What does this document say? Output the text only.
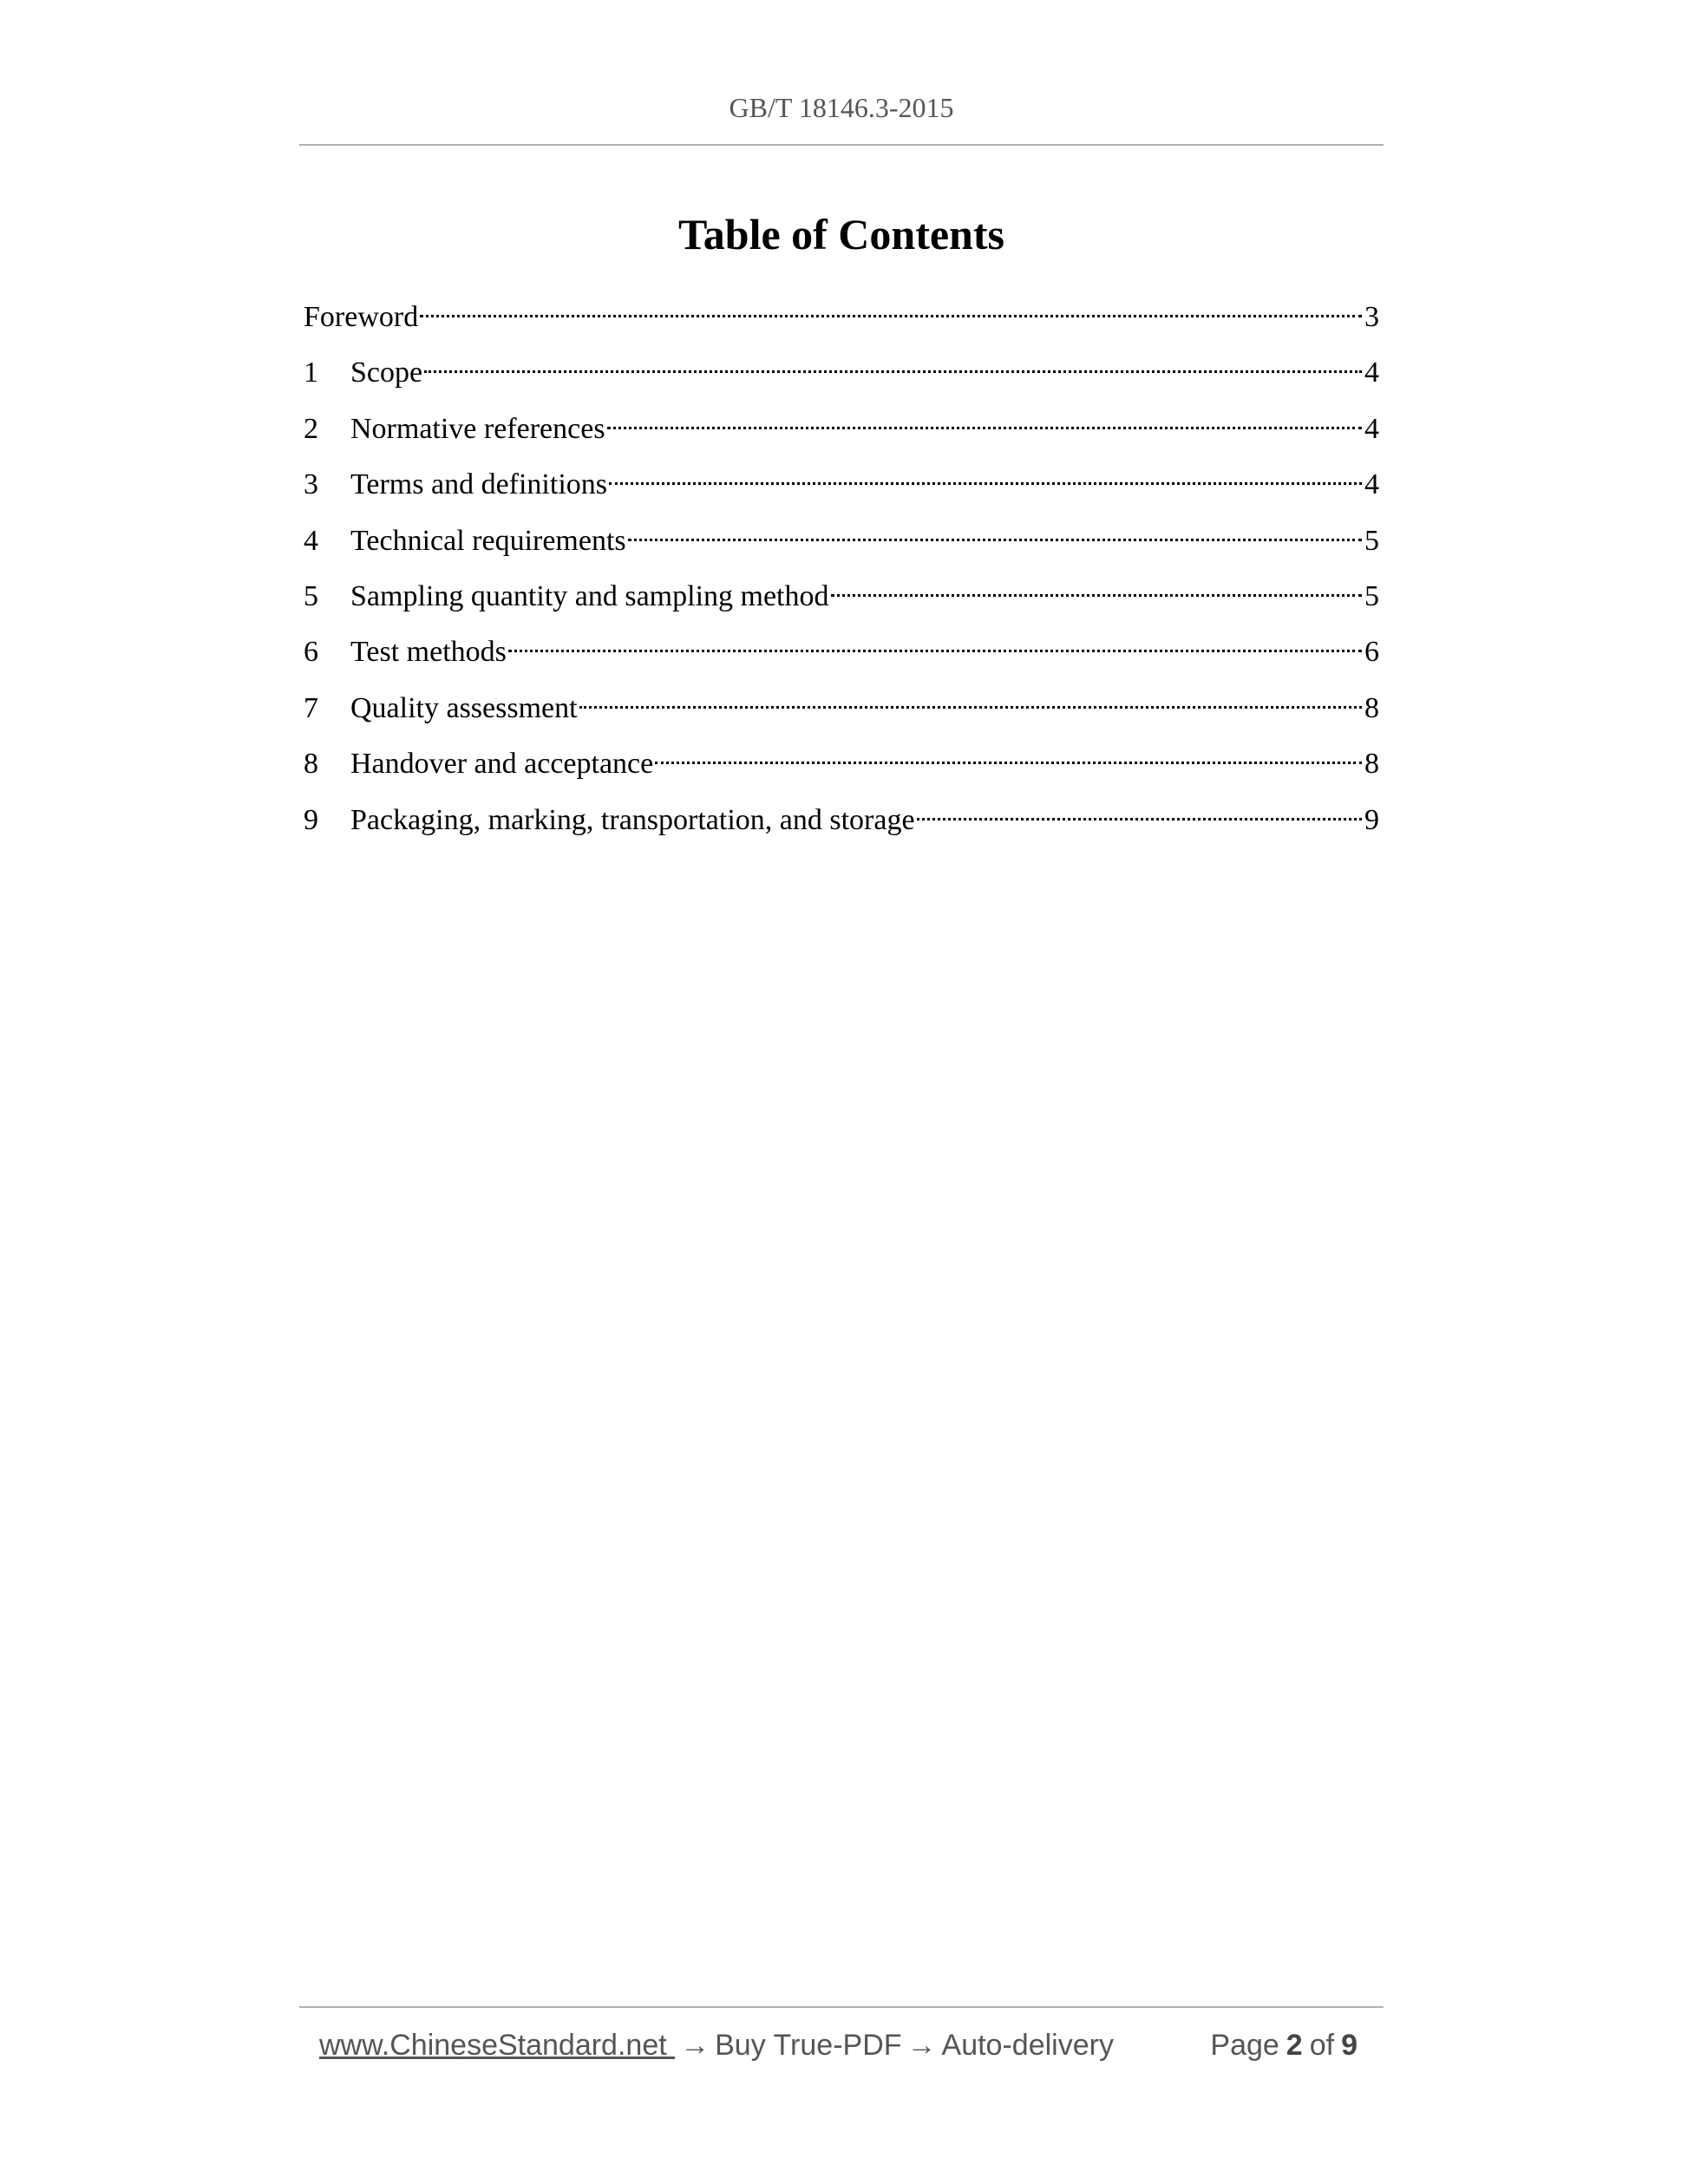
GB/T 18146.3-2015
Table of Contents
Foreword	3
1	Scope	4
2	Normative references	4
3	Terms and definitions	4
4	Technical requirements	5
5	Sampling quantity and sampling method	5
6	Test methods	6
7	Quality assessment	8
8	Handover and acceptance	8
9	Packaging, marking, transportation, and storage	9
www.ChineseStandard.net → Buy True-PDF → Auto-delivery	Page 2 of 9
